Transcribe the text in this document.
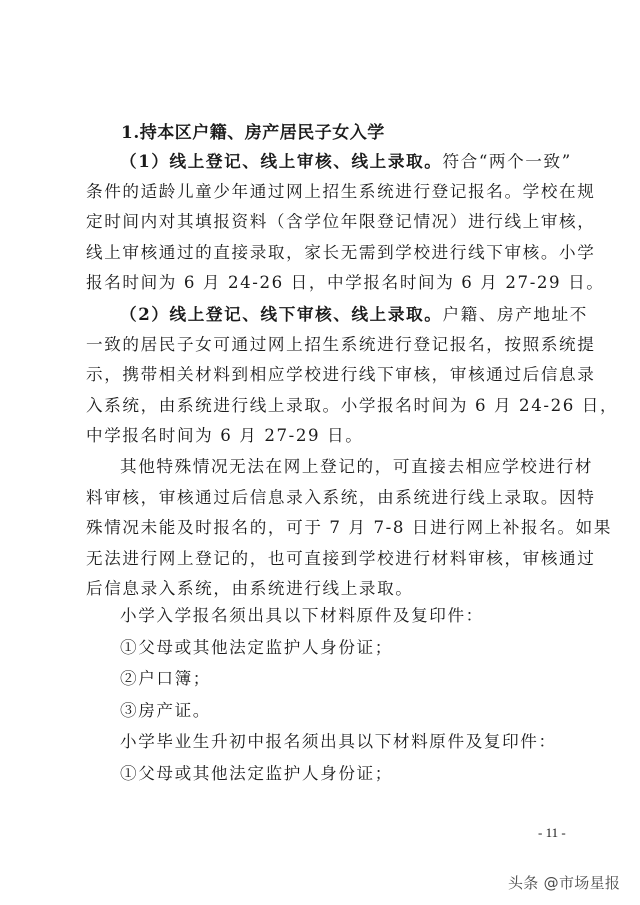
1.持本区户籍、房产居民子女入学
（1）线上登记、线上审核、线上录取。符合“两个一致”
条件的适龄儿童少年通过网上招生系统进行登记报名。学校在规
定时间内对其填报资料（含学位年限登记情况）进行线上审核，
线上审核通过的直接录取，家长无需到学校进行线下审核。小学
报名时间为 6 月 24-26 日，中学报名时间为 6 月 27-29 日。
（2）线上登记、线下审核、线上录取。户籍、房产地址不
一致的居民子女可通过网上招生系统进行登记报名，按照系统提
示，携带相关材料到相应学校进行线下审核，审核通过后信息录
入系统，由系统进行线上录取。小学报名时间为 6 月 24-26 日，
中学报名时间为 6 月 27-29 日。
其他特殊情况无法在网上登记的，可直接去相应学校进行材
料审核，审核通过后信息录入系统，由系统进行线上录取。因特
殊情况未能及时报名的，可于 7 月 7-8 日进行网上补报名。如果
无法进行网上登记的，也可直接到学校进行材料审核，审核通过
后信息录入系统，由系统进行线上录取。
小学入学报名须出具以下材料原件及复印件：
①父母或其他法定监护人身份证；
②户口簿；
③房产证。
小学毕业生升初中报名须出具以下材料原件及复印件：
①父母或其他法定监护人身份证；
- 11 -
头条 @市场星报
